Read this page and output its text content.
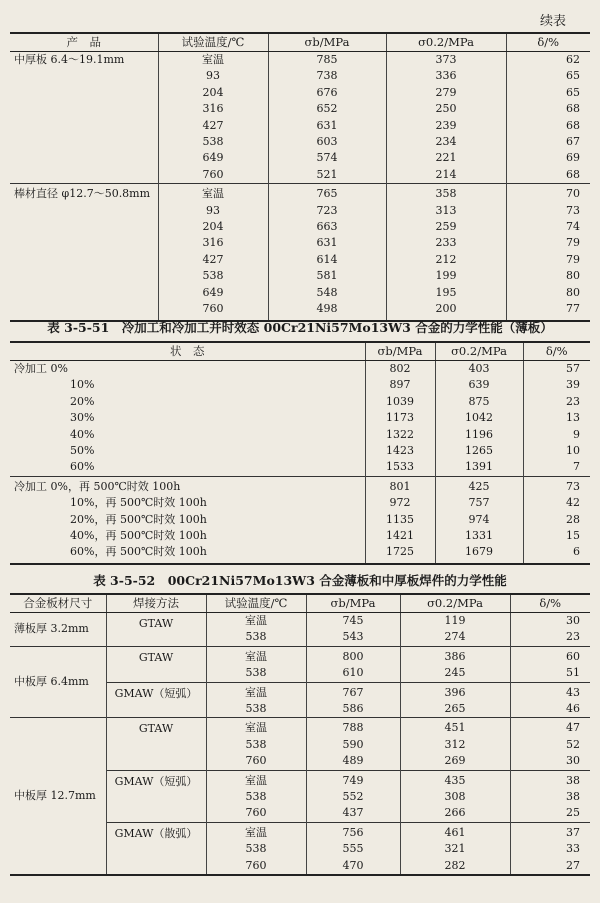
续表
产　品	试验温度/℃	σb/MPa	σ0.2/MPa	δ/%
中厚板 6.4～19.1mm	室温	785	373	62
	93	738	336	65
	204	676	279	65
	316	652	250	68
	427	631	239	68
	538	603	234	67
	649	574	221	69
	760	521	214	68
棒材直径 φ12.7～50.8mm	室温	765	358	70
	93	723	313	73
	204	663	259	74
	316	631	233	79
	427	614	212	79
	538	581	199	80
	649	548	195	80
	760	498	200	77
表 3-5-51　冷加工和冷加工并时效态 00Cr21Ni57Mo13W3 合金的力学性能（薄板）
状　态	σb/MPa	σ0.2/MPa	δ/%
冷加工 0%	802	403	57
10%	897	639	39
20%	1039	875	23
30%	1173	1042	13
40%	1322	1196	9
50%	1423	1265	10
60%	1533	1391	7
冷加工 0%，再 500℃时效 100h	801	425	73
10%，再 500℃时效 100h	972	757	42
20%，再 500℃时效 100h	1135	974	28
40%，再 500℃时效 100h	1421	1331	15
60%，再 500℃时效 100h	1725	1679	6
表 3-5-52　00Cr21Ni57Mo13W3 合金薄板和中厚板焊件的力学性能
合金板材尺寸	焊接方法	试验温度/℃	σb/MPa	σ0.2/MPa	δ/%
薄板厚 3.2mm	GTAW	室温	745	119	30
		538	543	274	23
中板厚 6.4mm	GTAW	室温	800	386	60
		538	610	245	51
	GMAW（短弧）	室温	767	396	43
		538	586	265	46
中板厚 12.7mm	GTAW	室温	788	451	47
		538	590	312	52
		760	489	269	30
	GMAW（短弧）	室温	749	435	38
		538	552	308	38
		760	437	266	25
	GMAW（散弧）	室温	756	461	37
		538	555	321	33
		760	470	282	27
